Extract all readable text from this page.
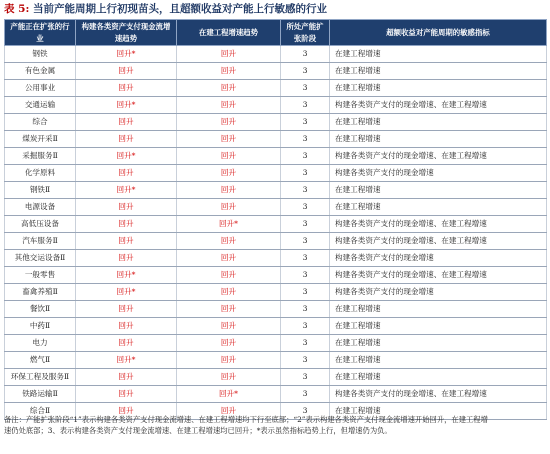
表 5: 当前产能周期上行初现苗头，且超额收益对产能上行敏感的行业
产能正在扩张的行业	构建各类资产支付现金流增速趋势	在建工程增速趋势	所处产能扩张阶段	超额收益对产能周期的敏感指标
钢铁	回升*	回升	3	在建工程增速
有色金属	回升	回升	3	在建工程增速
公用事业	回升	回升	3	在建工程增速
交通运输	回升*	回升	3	构建各类资产支付的现金增速、在建工程增速
综合	回升	回升	3	在建工程增速
煤炭开采Ⅱ	回升	回升	3	在建工程增速
采掘服务Ⅱ	回升*	回升	3	构建各类资产支付的现金增速、在建工程增速
化学原料	回升	回升	3	构建各类资产支付的现金增速
钢铁Ⅱ	回升*	回升	3	在建工程增速
电源设备	回升	回升	3	在建工程增速
高低压设备	回升	回升*	3	构建各类资产支付的现金增速、在建工程增速
汽车服务Ⅱ	回升	回升	3	构建各类资产支付的现金增速、在建工程增速
其他交运设备Ⅱ	回升	回升	3	构建各类资产支付的现金增速
一般零售	回升*	回升	3	构建各类资产支付的现金增速、在建工程增速
畜禽养殖Ⅱ	回升*	回升	3	构建各类资产支付的现金增速
餐饮Ⅱ	回升	回升	3	在建工程增速
中药Ⅱ	回升	回升	3	在建工程增速
电力	回升	回升	3	在建工程增速
燃气Ⅱ	回升*	回升	3	在建工程增速
环保工程及服务Ⅱ	回升	回升	3	在建工程增速
铁路运输Ⅱ	回升	回升*	3	构建各类资产支付的现金增速、在建工程增速
综合Ⅱ	回升	回升	3	在建工程增速
备注：产能扩张阶段“1”表示构建各类资产支付现金流增速、在建工程增速均下行至底部；“2”表示构建各类资产支付现金流增速开始回升，在建工程增
速仍处底部；3、表示构建各类资产支付现金流增速、在建工程增速均已回升；*表示虽然指标趋势上行，但增速仍为负。
